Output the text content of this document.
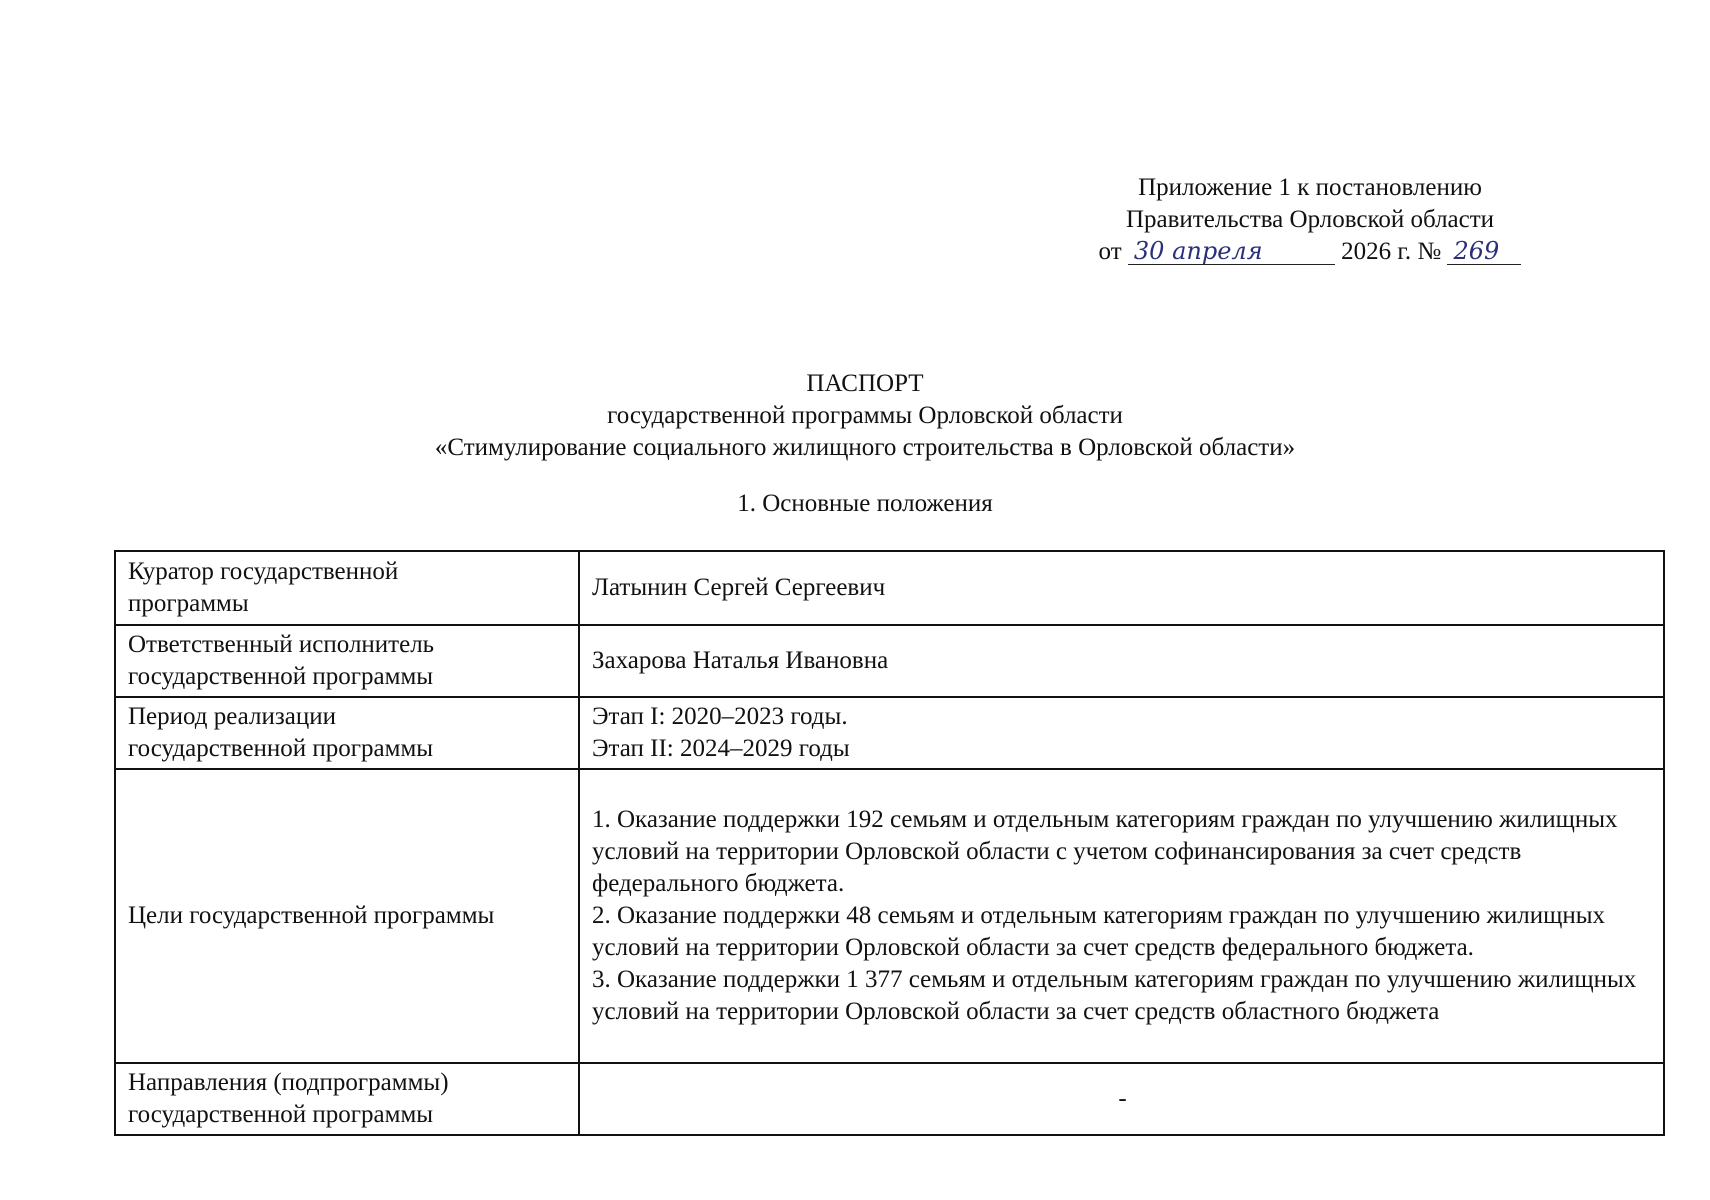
Приложение 1 к постановлению
Правительства Орловской области
от 30 апреля	2026 г. № 269
ПАСПОРТ
государственной программы Орловской области
«Стимулирование социального жилищного строительства в Орловской области»
1. Основные положения
Куратор государственной
программы	Латынин Сергей Сергеевич
Ответственный исполнитель
государственной программы	Захарова Наталья Ивановна
Период реализации
государственной программы	Этап I: 2020–2023 годы.
Этап II: 2024–2029 годы
Цели государственной программы	1. Оказание поддержки 192 семьям и отдельным категориям граждан по улучшению жилищных условий на территории Орловской области с учетом софинансирования за счет средств федерального бюджета.
2. Оказание поддержки 48 семьям и отдельным категориям граждан по улучшению жилищных условий на территории Орловской области за счет средств федерального бюджета.
3. Оказание поддержки 1 377 семьям и отдельным категориям граждан по улучшению жилищных условий на территории Орловской области за счет средств областного бюджета

Направления (подпрограммы)
государственной программы	-
